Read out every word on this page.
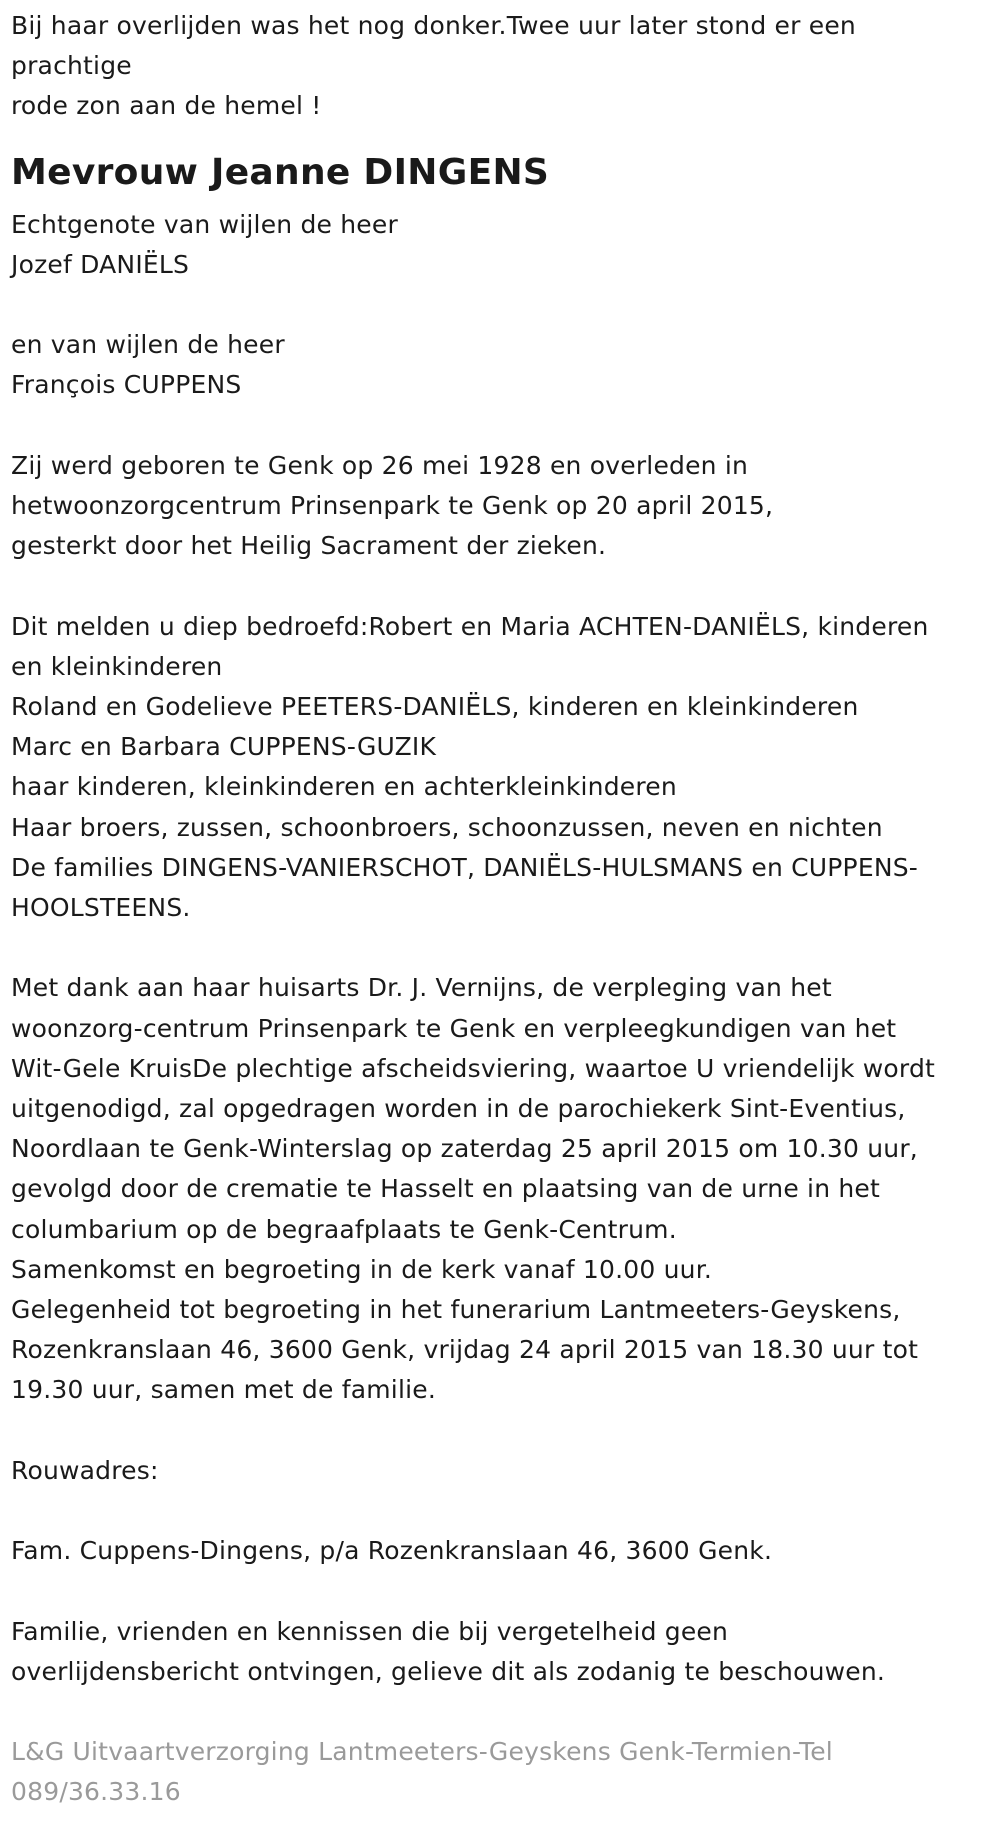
Bij haar overlijden was het nog donker.Twee uur later stond er een
prachtige
rode zon aan de hemel !
Mevrouw Jeanne DINGENS
Echtgenote van wijlen de heer
Jozef DANIËLS
en van wijlen de heer
François CUPPENS
Zij werd geboren te Genk op 26 mei 1928 en overleden in
hetwoonzorgcentrum Prinsenpark te Genk op 20 april 2015,
gesterkt door het Heilig Sacrament der zieken.
Dit melden u diep bedroefd:Robert en Maria ACHTEN-DANIËLS, kinderen
en kleinkinderen
Roland en Godelieve PEETERS-DANIËLS, kinderen en kleinkinderen
Marc en Barbara CUPPENS-GUZIK
haar kinderen, kleinkinderen en achterkleinkinderen
Haar broers, zussen, schoonbroers, schoonzussen, neven en nichten
De families DINGENS-VANIERSCHOT, DANIËLS-HULSMANS en CUPPENS-
HOOLSTEENS.
Met dank aan haar huisarts Dr. J. Vernijns, de verpleging van het
woonzorg-centrum Prinsenpark te Genk en verpleegkundigen van het
Wit-Gele KruisDe plechtige afscheidsviering, waartoe U vriendelijk wordt
uitgenodigd, zal opgedragen worden in de parochiekerk Sint-Eventius,
Noordlaan te Genk-Winterslag op zaterdag 25 april 2015 om 10.30 uur,
gevolgd door de crematie te Hasselt en plaatsing van de urne in het
columbarium op de begraafplaats te Genk-Centrum.
Samenkomst en begroeting in de kerk vanaf 10.00 uur.
Gelegenheid tot begroeting in het funerarium Lantmeeters-Geyskens,
Rozenkranslaan 46, 3600 Genk, vrijdag 24 april 2015 van 18.30 uur tot
19.30 uur, samen met de familie.
Rouwadres:
Fam. Cuppens-Dingens, p/a Rozenkranslaan 46, 3600 Genk.
Familie, vrienden en kennissen die bij vergetelheid geen
overlijdensbericht ontvingen, gelieve dit als zodanig te beschouwen.
L&G Uitvaartverzorging Lantmeeters-Geyskens Genk-Termien-Tel
089/36.33.16
